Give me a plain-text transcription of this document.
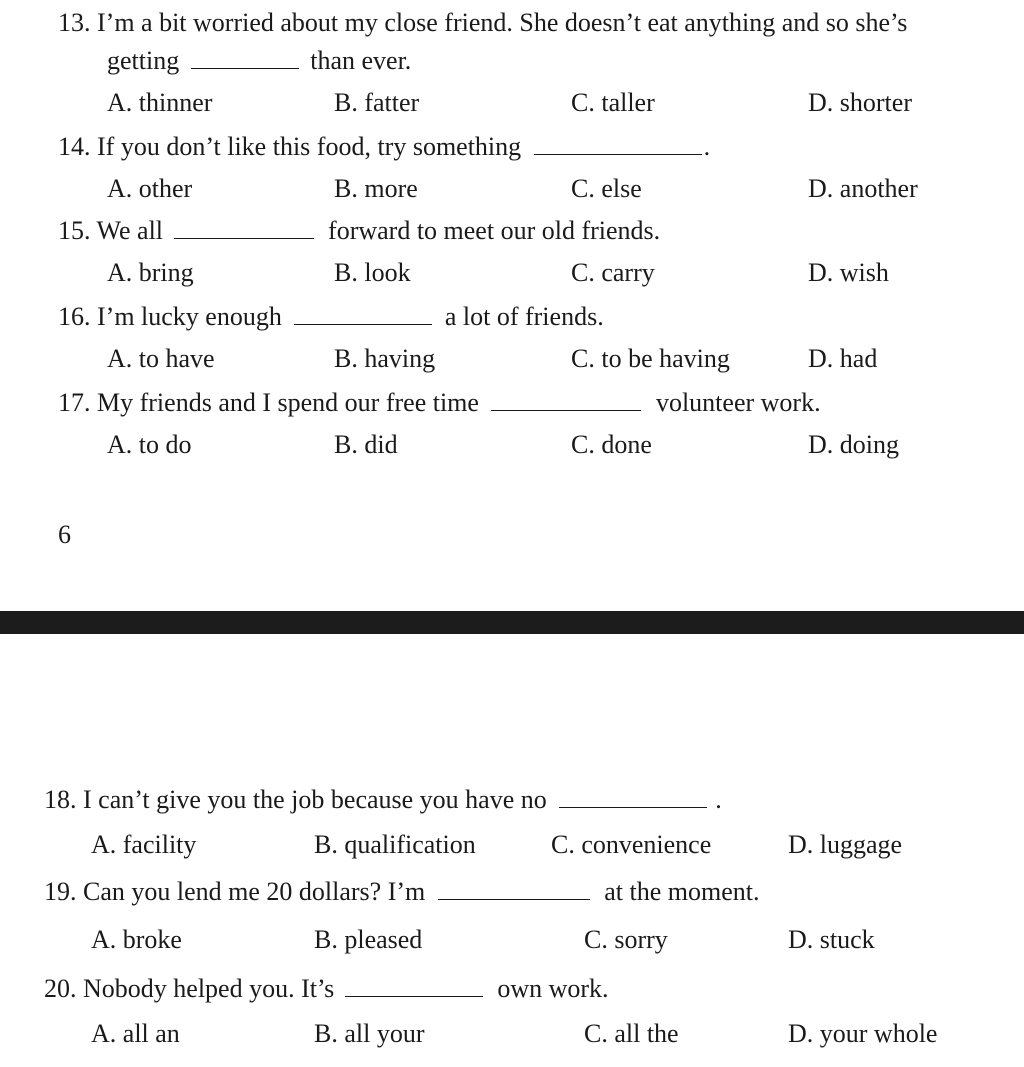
13. I’m a bit worried about my close friend. She doesn’t eat anything and so she’s
getting	than ever.
A. thinner	B. fatter	C. taller	D. shorter
14. If you don’t like this food, try something	.
A. other	B. more	C. else	D. another
15. We all	forward to meet our old friends.
A. bring	B. look	C. carry	D. wish
16. I’m lucky enough	a lot of friends.
A. to have	B. having	C. to be having	D. had
17. My friends and I spend our free time	volunteer work.
A. to do	B. did	C. done	D. doing
6
18. I can’t give you the job because you have no	.
A. facility	B. qualification	C. convenience	D. luggage
19. Can you lend me 20 dollars? I’m	at the moment.
A. broke	B. pleased	C. sorry	D. stuck
20. Nobody helped you. It’s	own work.
A. all an	B. all your	C. all the	D. your whole
